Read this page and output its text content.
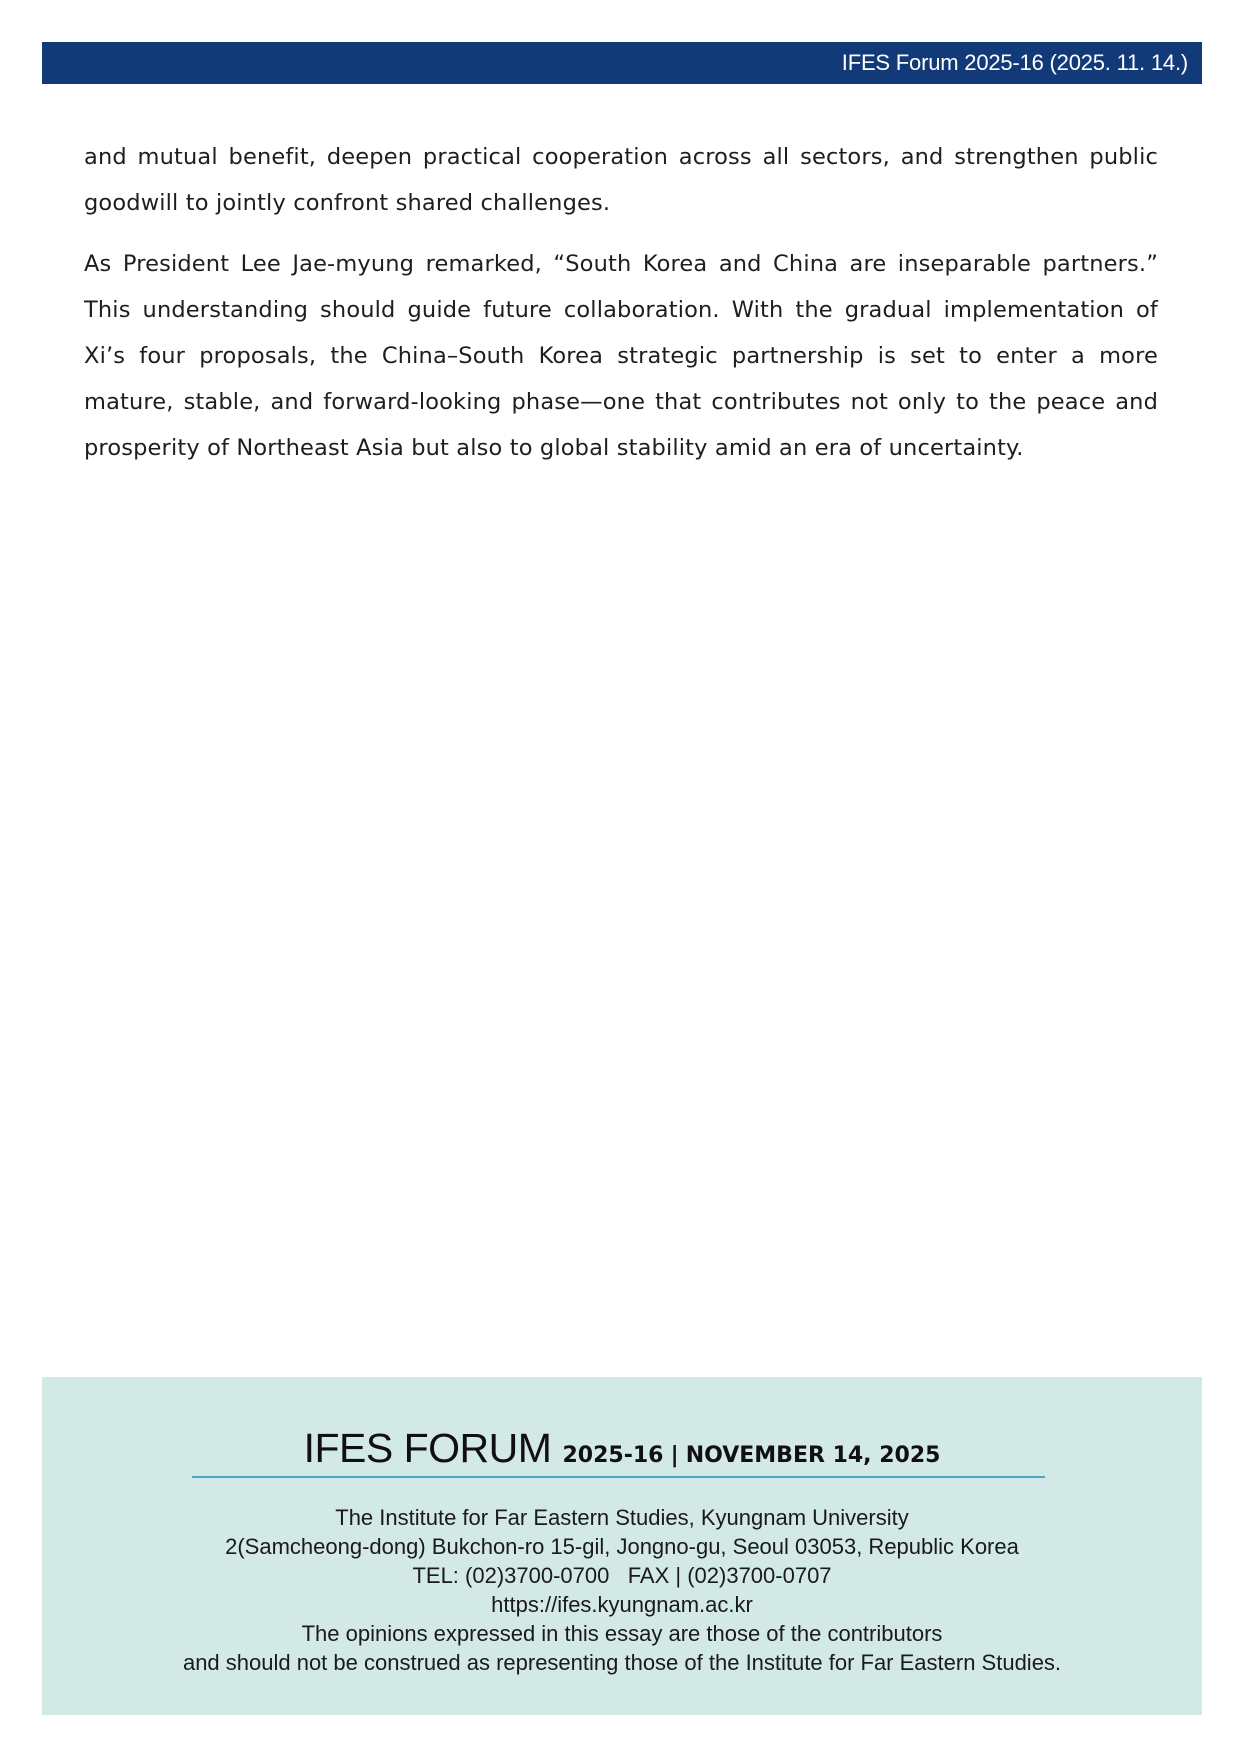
IFES Forum 2025-16 (2025. 11. 14.)

and mutual benefit, deepen practical cooperation across all sectors, and strengthen public goodwill to jointly confront shared challenges.

As President Lee Jae-myung remarked, “South Korea and China are inseparable partners.” This understanding should guide future collaboration. With the gradual implementation of Xi’s four proposals, the China–South Korea strategic partnership is set to enter a more mature, stable, and forward-looking phase—one that contributes not only to the peace and prosperity of Northeast Asia but also to global stability amid an era of uncertainty.

IFES FORUM 2025-16 | NOVEMBER 14, 2025
The Institute for Far Eastern Studies, Kyungnam University
2(Samcheong-dong) Bukchon-ro 15-gil, Jongno-gu, Seoul 03053, Republic Korea
TEL: (02)3700-0700   FAX | (02)3700-0707
https://ifes.kyungnam.ac.kr
The opinions expressed in this essay are those of the contributors
and should not be construed as representing those of the Institute for Far Eastern Studies.
